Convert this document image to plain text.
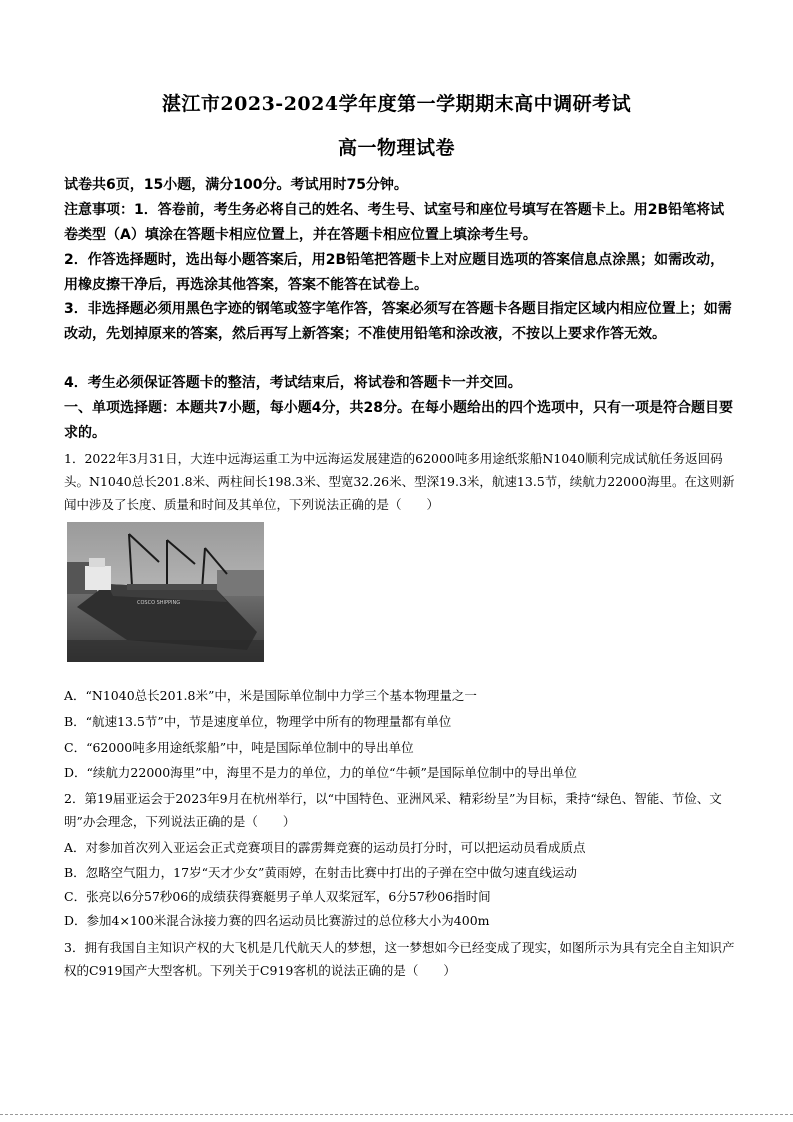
湛江市2023-2024学年度第一学期期末高中调研考试
高一物理试卷

试卷共6页，15小题，满分100分。考试用时75分钟。

注意事项：1．答卷前，考生务必将自己的姓名、考生号、试室号和座位号填写在答题卡上。用2B铅笔将试卷类型（A）填涂在答题卡相应位置上，并在答题卡相应位置上填涂考生号。

2．作答选择题时，选出每小题答案后，用2B铅笔把答题卡上对应题目选项的答案信息点涂黑；如需改动，用橡皮擦干净后，再选涂其他答案，答案不能答在试卷上。

3．非选择题必须用黑色字迹的钢笔或签字笔作答，答案必须写在答题卡各题目指定区域内相应位置上；如需改动，先划掉原来的答案，然后再写上新答案；不准使用铅笔和涂改液，不按以上要求作答无效。

4．考生必须保证答题卡的整洁，考试结束后，将试卷和答题卡一并交回。

一、单项选择题：本题共7小题，每小题4分，共28分。在每小题给出的四个选项中，只有一项是符合题目要求的。

1．2022年3月31日，大连中远海运重工为中远海运发展建造的62000吨多用途纸浆船N1040顺利完成试航任务返回码头。N1040总长201.8米、两柱间长198.3米、型宽32.26米、型深19.3米，航速13.5节，续航力22000海里。在这则新闻中涉及了长度、质量和时间及其单位，下列说法正确的是（　　）

COSCO SHIPPING

A．“N1040总长201.8米”中，米是国际单位制中力学三个基本物理量之一

B．“航速13.5节”中，节是速度单位，物理学中所有的物理量都有单位

C．“62000吨多用途纸浆船”中，吨是国际单位制中的导出单位

D．“续航力22000海里”中，海里不是力的单位，力的单位“牛顿”是国际单位制中的导出单位

2．第19届亚运会于2023年9月在杭州举行，以“中国特色、亚洲风采、精彩纷呈”为目标，秉持“绿色、智能、节俭、文明”办会理念，下列说法正确的是（　　）

A．对参加首次列入亚运会正式竞赛项目的霹雳舞竞赛的运动员打分时，可以把运动员看成质点

B．忽略空气阻力，17岁“天才少女”黄雨婷，在射击比赛中打出的子弹在空中做匀速直线运动

C．张亮以6分57秒06的成绩获得赛艇男子单人双桨冠军，6分57秒06指时间

D．参加4×100米混合泳接力赛的四名运动员比赛游过的总位移大小为400m

3．拥有我国自主知识产权的大飞机是几代航天人的梦想，这一梦想如今已经变成了现实，如图所示为具有完全自主知识产权的C919国产大型客机。下列关于C919客机的说法正确的是（　　）
